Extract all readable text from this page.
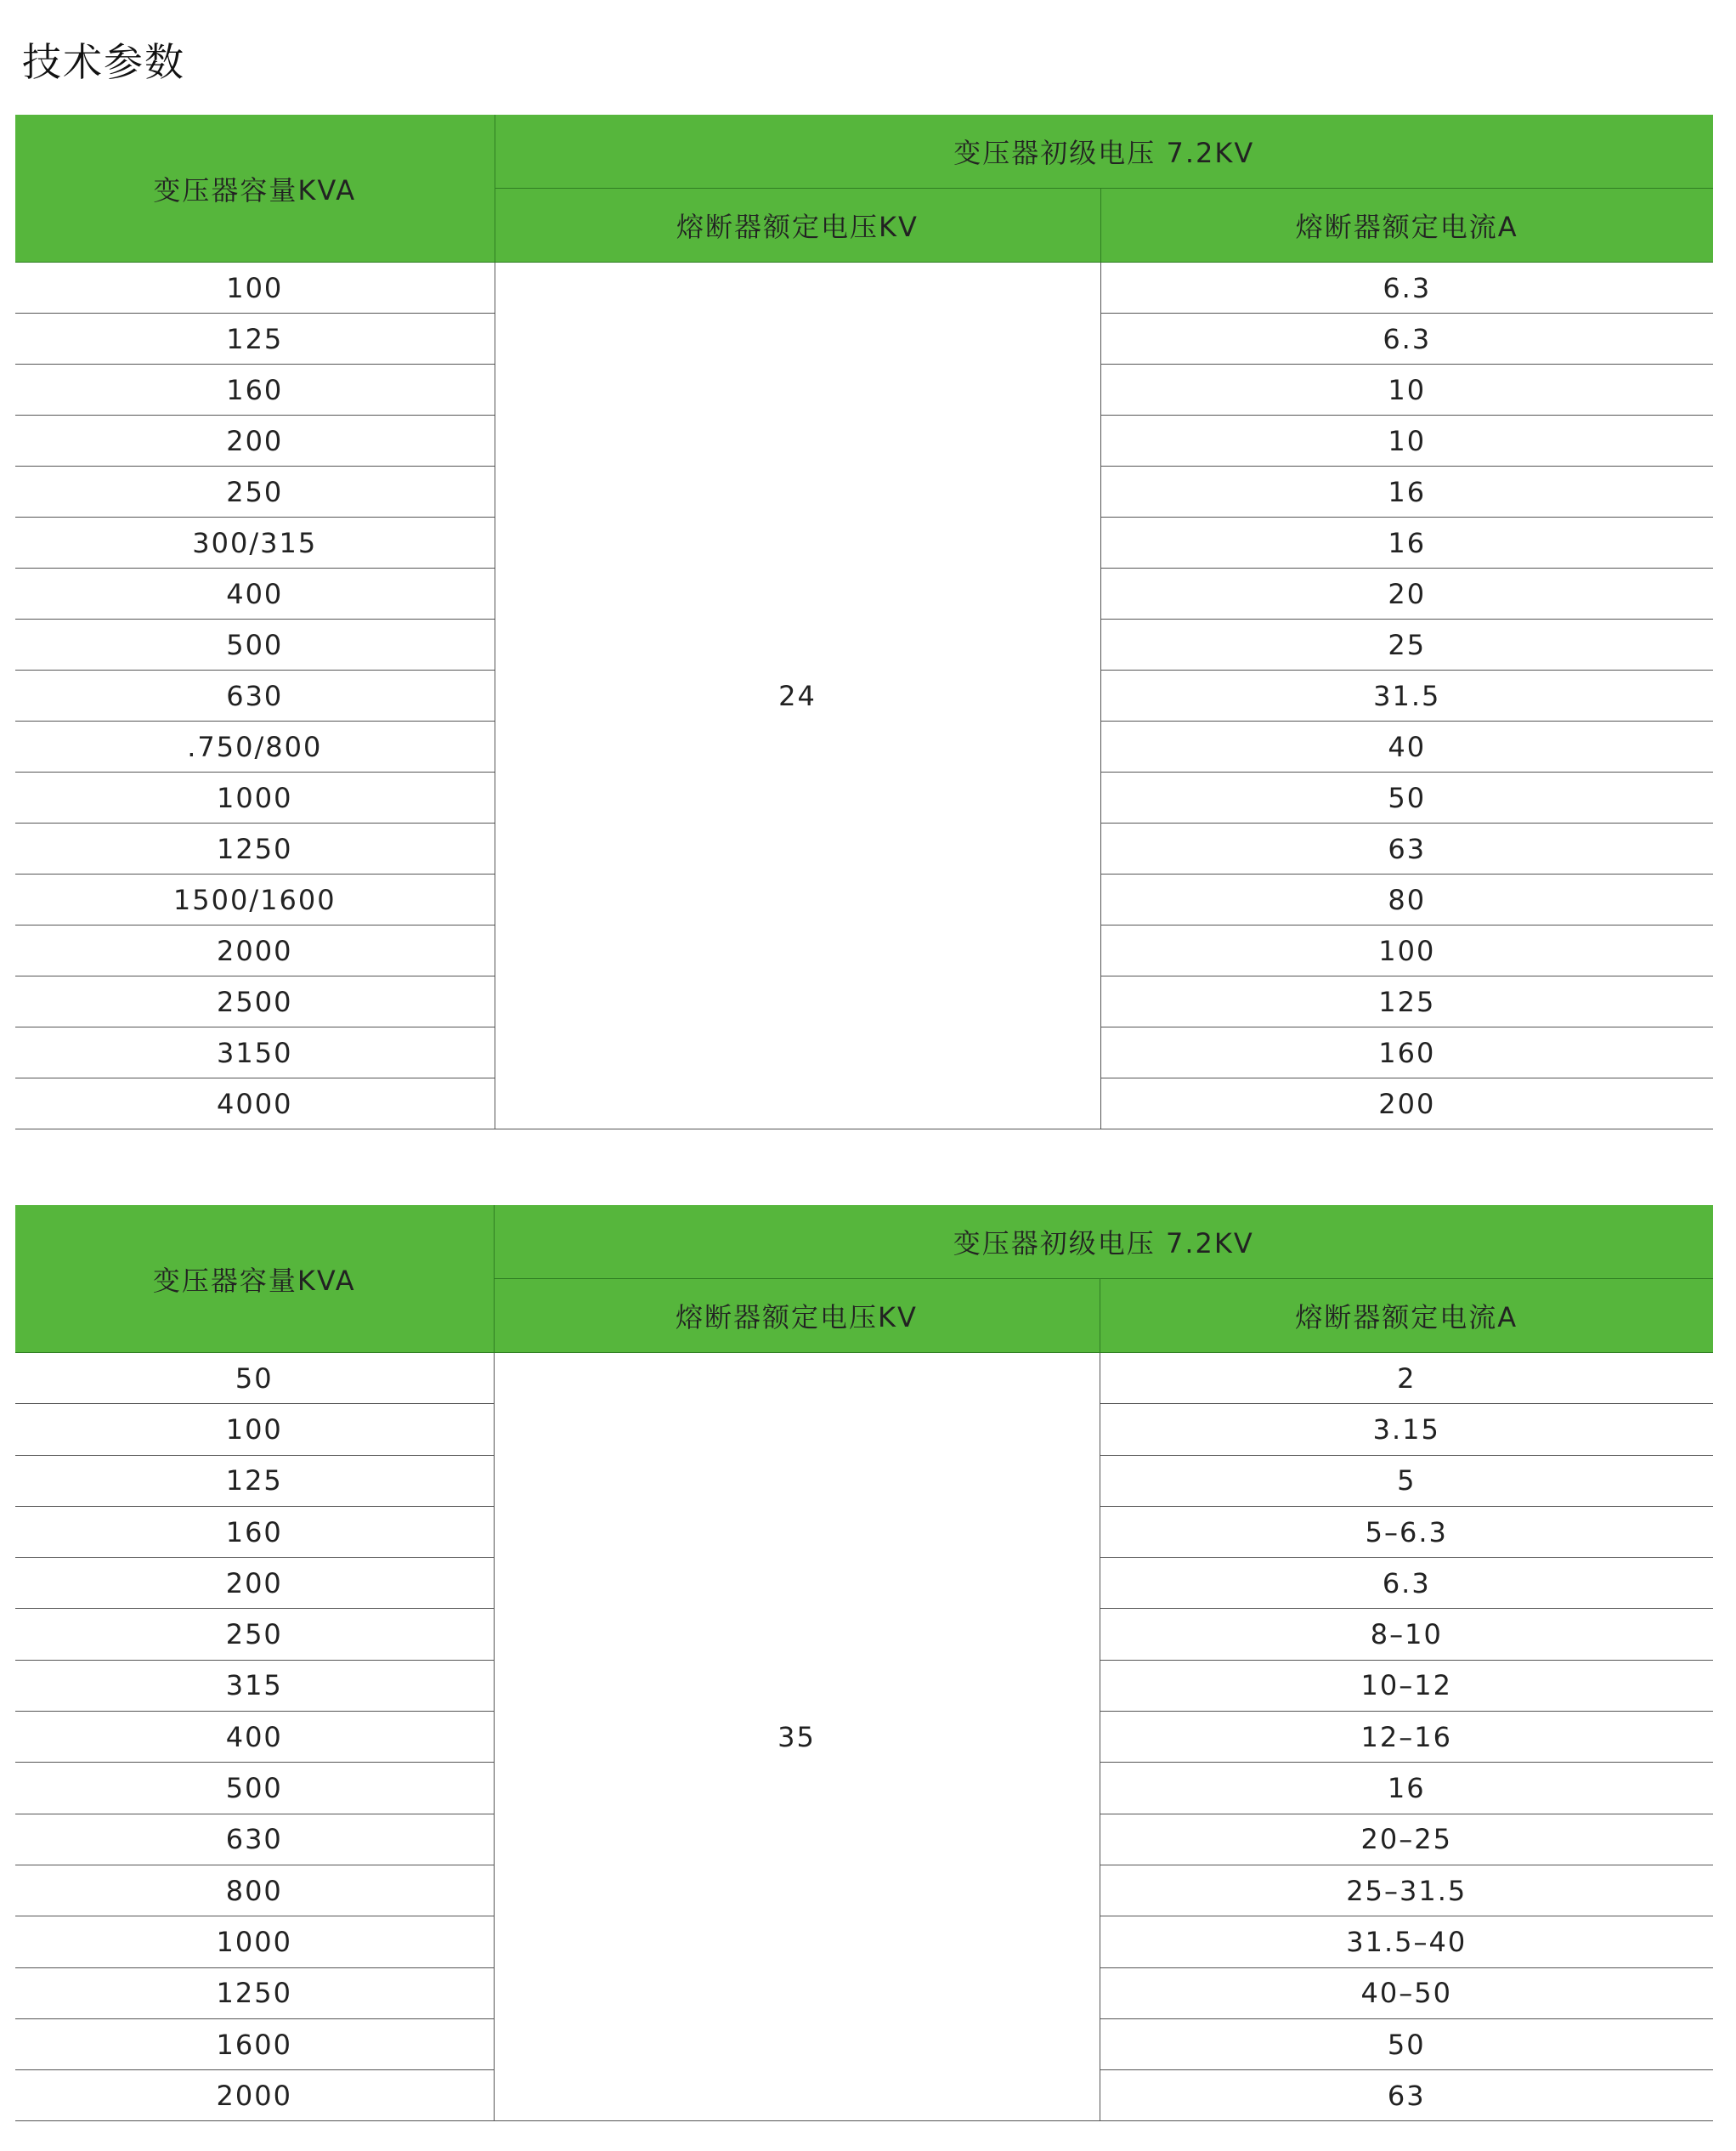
技术参数
变压器容量KVA	变压器初级电压 7.2KV	
	熔断器额定电压KV	熔断器额定电流A
100	24	6.3
125		6.3
160		10
200		10
250		16
300/315		16
400		20
500		25
630		31.5
.750/800		40
1000		50
1250		63
1500/1600		80
2000		100
2500		125
3150		160
4000		200
变压器容量KVA	变压器初级电压 7.2KV	
	熔断器额定电压KV	熔断器额定电流A
50	35	2
100		3.15
125		5
160		5–6.3
200		6.3
250		8–10
315		10–12
400		12–16
500		16
630		20–25
800		25–31.5
1000		31.5–40
1250		40–50
1600		50
2000		63
